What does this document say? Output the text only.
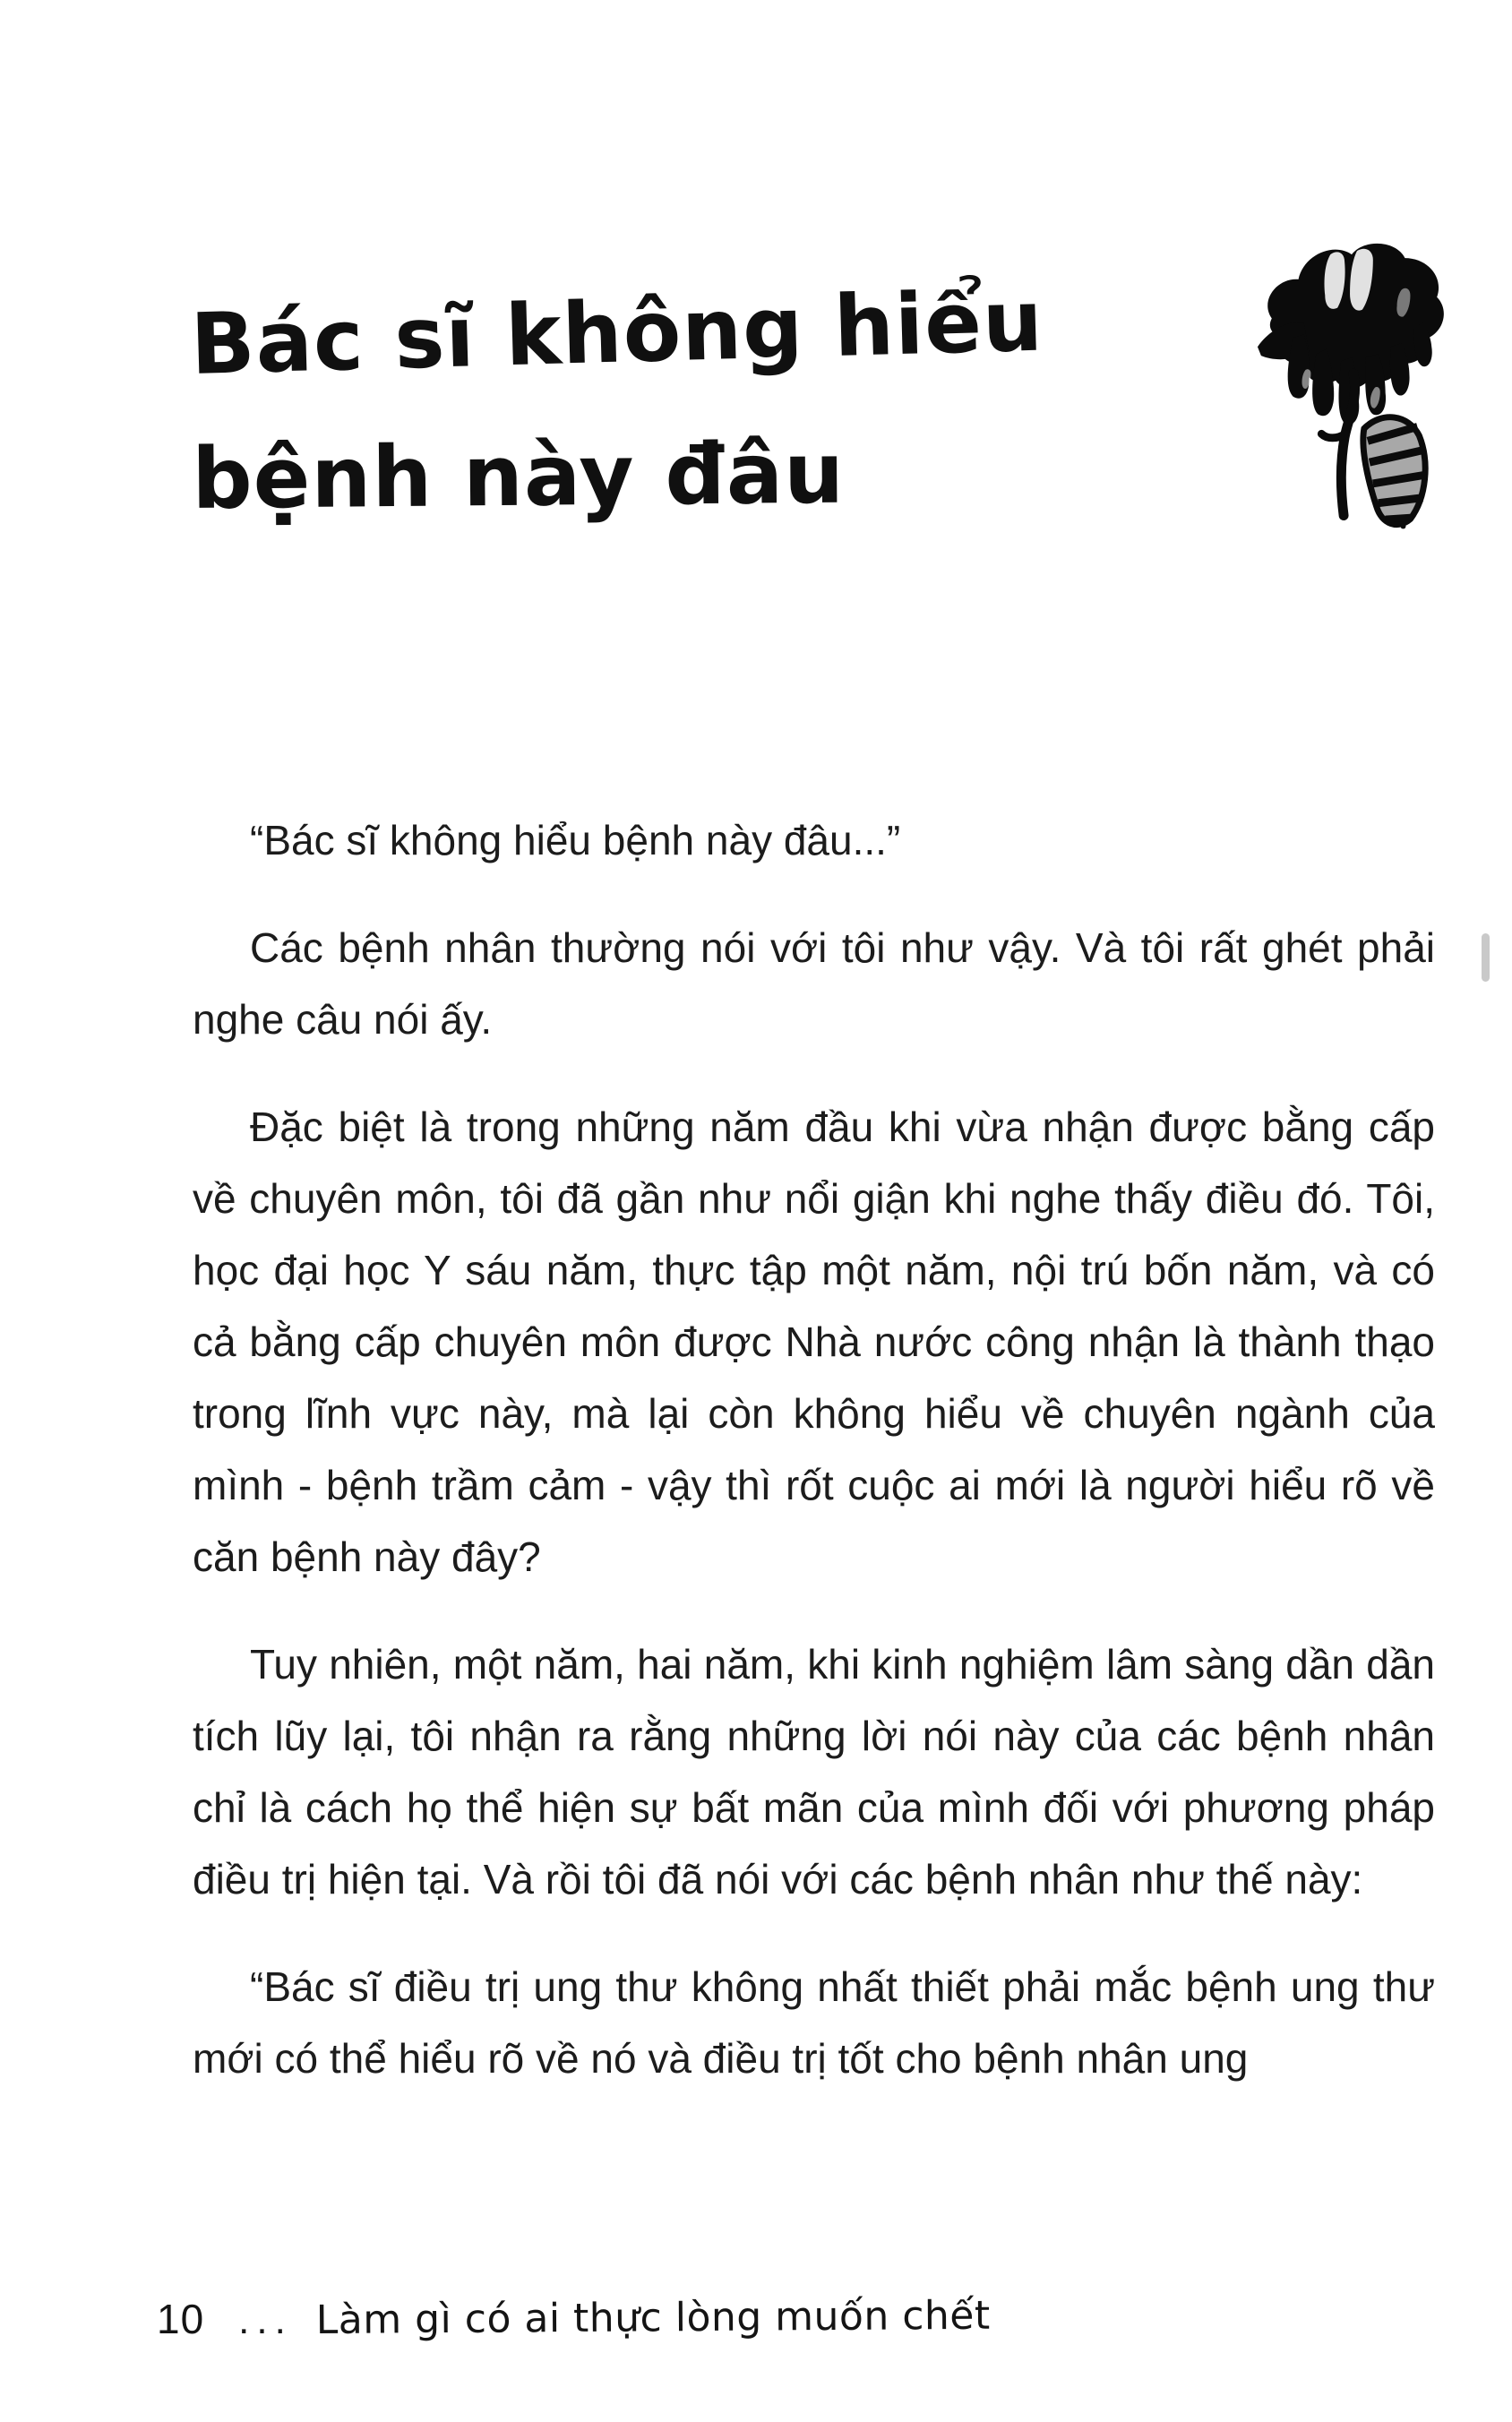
Bác sĩ không hiểu
bệnh này đâu

“Bác sĩ không hiểu bệnh này đâu...”

Các bệnh nhân thường nói với tôi như vậy. Và tôi rất ghét phải nghe câu nói ấy.

Đặc biệt là trong những năm đầu khi vừa nhận được bằng cấp về chuyên môn, tôi đã gần như nổi giận khi nghe thấy điều đó. Tôi, học đại học Y sáu năm, thực tập một năm, nội trú bốn năm, và có cả bằng cấp chuyên môn được Nhà nước công nhận là thành thạo trong lĩnh vực này, mà lại còn không hiểu về chuyên ngành của mình - bệnh trầm cảm - vậy thì rốt cuộc ai mới là người hiểu rõ về căn bệnh này đây?

Tuy nhiên, một năm, hai năm, khi kinh nghiệm lâm sàng dần dần tích lũy lại, tôi nhận ra rằng những lời nói này của các bệnh nhân chỉ là cách họ thể hiện sự bất mãn của mình đối với phương pháp điều trị hiện tại. Và rồi tôi đã nói với các bệnh nhân như thế này:

“Bác sĩ điều trị ung thư không nhất thiết phải mắc bệnh ung thư mới có thể hiểu rõ về nó và điều trị tốt cho bệnh nhân ung

10 ... Làm gì có ai thực lòng muốn chết
